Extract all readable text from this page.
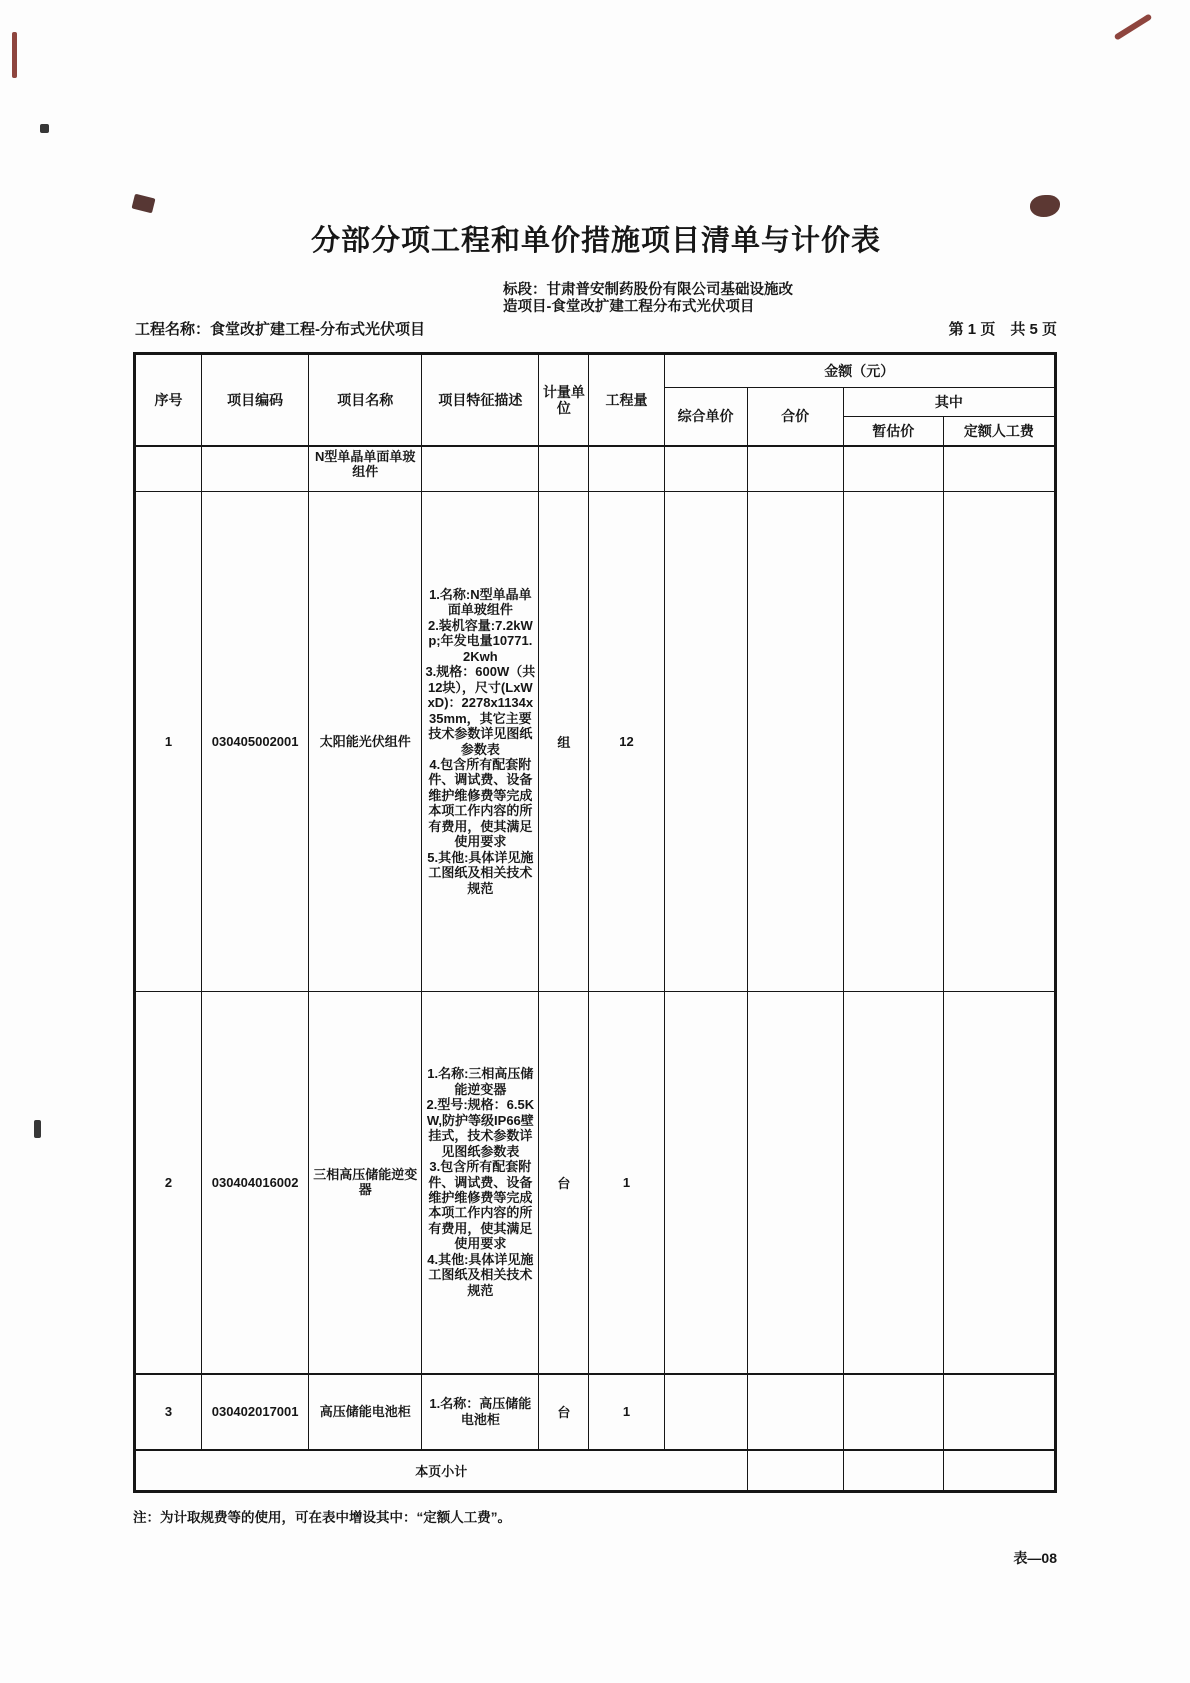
分部分项工程和单价措施项目清单与计价表
标段：甘肃普安制药股份有限公司基础设施改造项目-食堂改扩建工程分布式光伏项目
工程名称：食堂改扩建工程-分布式光伏项目	第 1 页　共 5 页
序号	项目编码	项目名称	项目特征描述	计量单位	工程量	金额（元）			
						综合单价	合价	其中	
								暂估价	定额人工费
		N型单晶单面单玻组件							
1	030405002001	太阳能光伏组件	1.名称:N型单晶单面单玻组件
2.装机容量:7.2kWp;年发电量10771.2Kwh
3.规格：600W（共12块），尺寸(LxWxD)：2278x1134x35mm，其它主要技术参数详见图纸参数表
4.包含所有配套附件、调试费、设备维护维修费等完成本项工作内容的所有费用，使其满足使用要求
5.其他:具体详见施工图纸及相关技术规范	组	12				
2	030404016002	三相高压储能逆变器	1.名称:三相高压储能逆变器
2.型号:规格：6.5KW,防护等级IP66壁挂式，技术参数详见图纸参数表
3.包含所有配套附件、调试费、设备维护维修费等完成本项工作内容的所有费用，使其满足使用要求
4.其他:具体详见施工图纸及相关技术规范	台	1				
3	030402017001	高压储能电池柜	1.名称：高压储能电池柜	台	1				
本页小计									
注：为计取规费等的使用，可在表中增设其中：“定额人工费”。
表—08
